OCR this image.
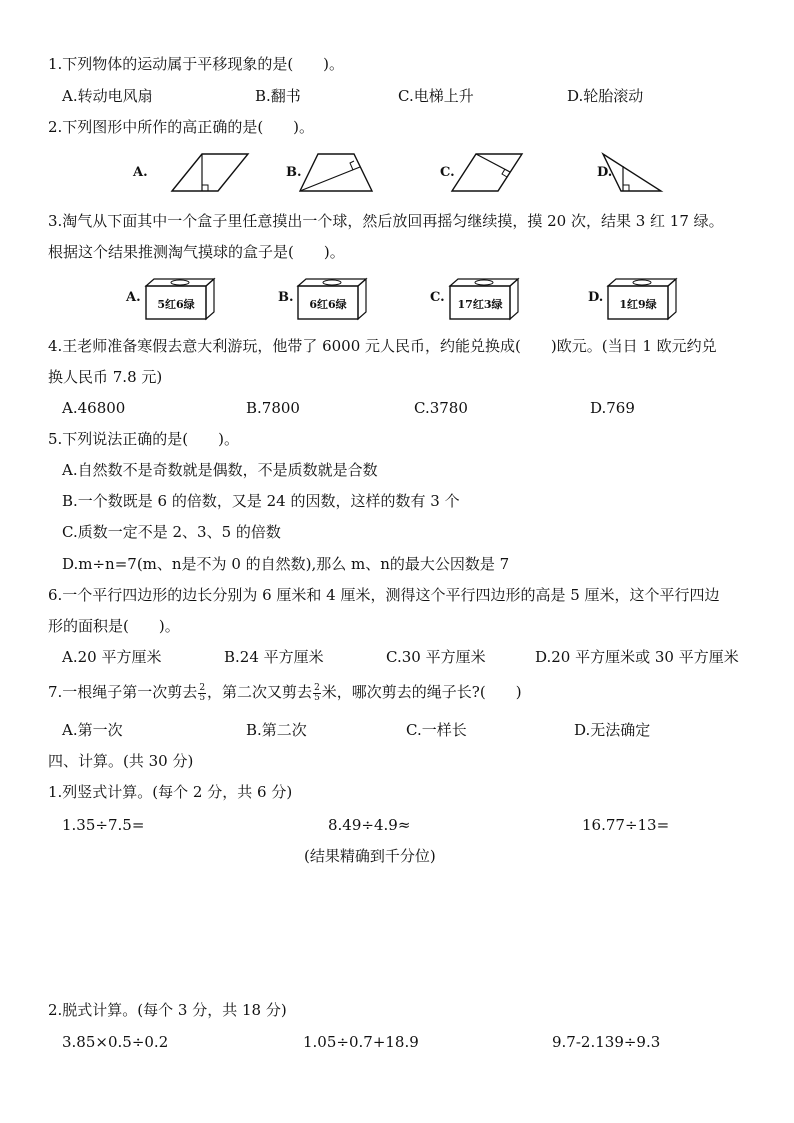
1.下列物体的运动属于平移现象的是(　　)。
A.转动电风扇	B.翻书	C.电梯上升	D.轮胎滚动
2.下列图形中所作的高正确的是(　　)。
A.	B.	C.	D.
3.淘气从下面其中一个盒子里任意摸出一个球，然后放回再摇匀继续摸，摸 20 次，结果 3 红 17 绿。
根据这个结果推测淘气摸球的盒子是(　　)。
A.	5红6绿	B.	6红6绿	C.	17红3绿	D.	1红9绿
4.王老师准备寒假去意大利游玩，他带了 6000 元人民币，约能兑换成(　　)欧元。(当日 1 欧元约兑
换人民币 7.8 元)
A.46800	B.7800	C.3780	D.769
5.下列说法正确的是(　　)。
A.自然数不是奇数就是偶数，不是质数就是合数
B.一个数既是 6 的倍数，又是 24 的因数，这样的数有 3 个
C.质数一定不是 2、3、5 的倍数
D.m÷n=7(m、n是不为 0 的自然数),那么 m、n的最大公因数是 7
6.一个平行四边形的边长分别为 6 厘米和 4 厘米，测得这个平行四边形的高是 5 厘米，这个平行四边
形的面积是(　　)。
A.20 平方厘米	B.24 平方厘米	C.30 平方厘米	D.20 平方厘米或 30 平方厘米
7.一根绳子第一次剪去 $\frac{2}{5}$ ，第二次又剪去 $\frac{2}{5}$ 米，哪次剪去的绳子长?(　　)
A.第一次	B.第二次	C.一样长	D.无法确定
四、计算。(共 30 分)
1.列竖式计算。(每个 2 分，共 6 分)
1.35÷7.5=	8.49÷4.9≈	16.77÷13=
(结果精确到千分位)
2.脱式计算。(每个 3 分，共 18 分)
3.85×0.5÷0.2	1.05÷0.7+18.9	9.7-2.139÷9.3
